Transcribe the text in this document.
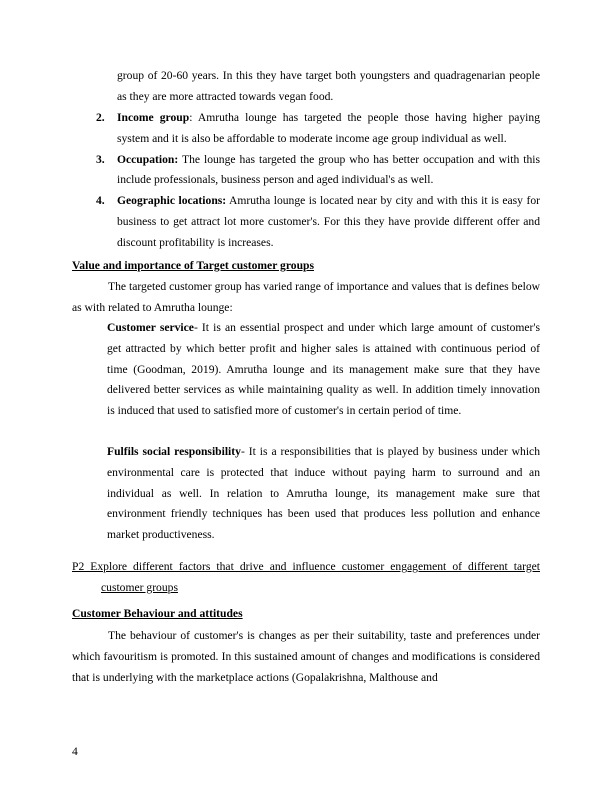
group of 20-60 years. In this they have target both youngsters and quadragenarian people as they are more attracted towards vegan food.

2. Income group: Amrutha lounge has targeted the people those having higher paying system and it is also be affordable to moderate income age group individual as well.

3. Occupation: The lounge has targeted the group who has better occupation and with this include professionals, business person and aged individual's as well.

4. Geographic locations: Amrutha lounge is located near by city and with this it is easy for business to get attract lot more customer's. For this they have provide different offer and discount profitability is increases.

Value and importance of Target customer groups

The targeted customer group has varied range of importance and values that is defines below as with related to Amrutha lounge:

Customer service- It is an essential prospect and under which large amount of customer's get attracted by which better profit and higher sales is attained with continuous period of time (Goodman, 2019). Amrutha lounge and its management make sure that they have delivered better services as while maintaining quality as well. In addition timely innovation is induced that used to satisfied more of customer's in certain period of time.

Fulfils social responsibility- It is a responsibilities that is played by business under which environmental care is protected that induce without paying harm to surround and an individual as well. In relation to Amrutha lounge, its management make sure that environment friendly techniques has been used that produces less pollution and enhance market productiveness.

P2 Explore different factors that drive and influence customer engagement of different target
customer groups

Customer Behaviour and attitudes

The behaviour of customer's is changes as per their suitability, taste and preferences under which favouritism is promoted. In this sustained amount of changes and modifications is considered that is underlying with the marketplace actions (Gopalakrishna, Malthouse and

4
